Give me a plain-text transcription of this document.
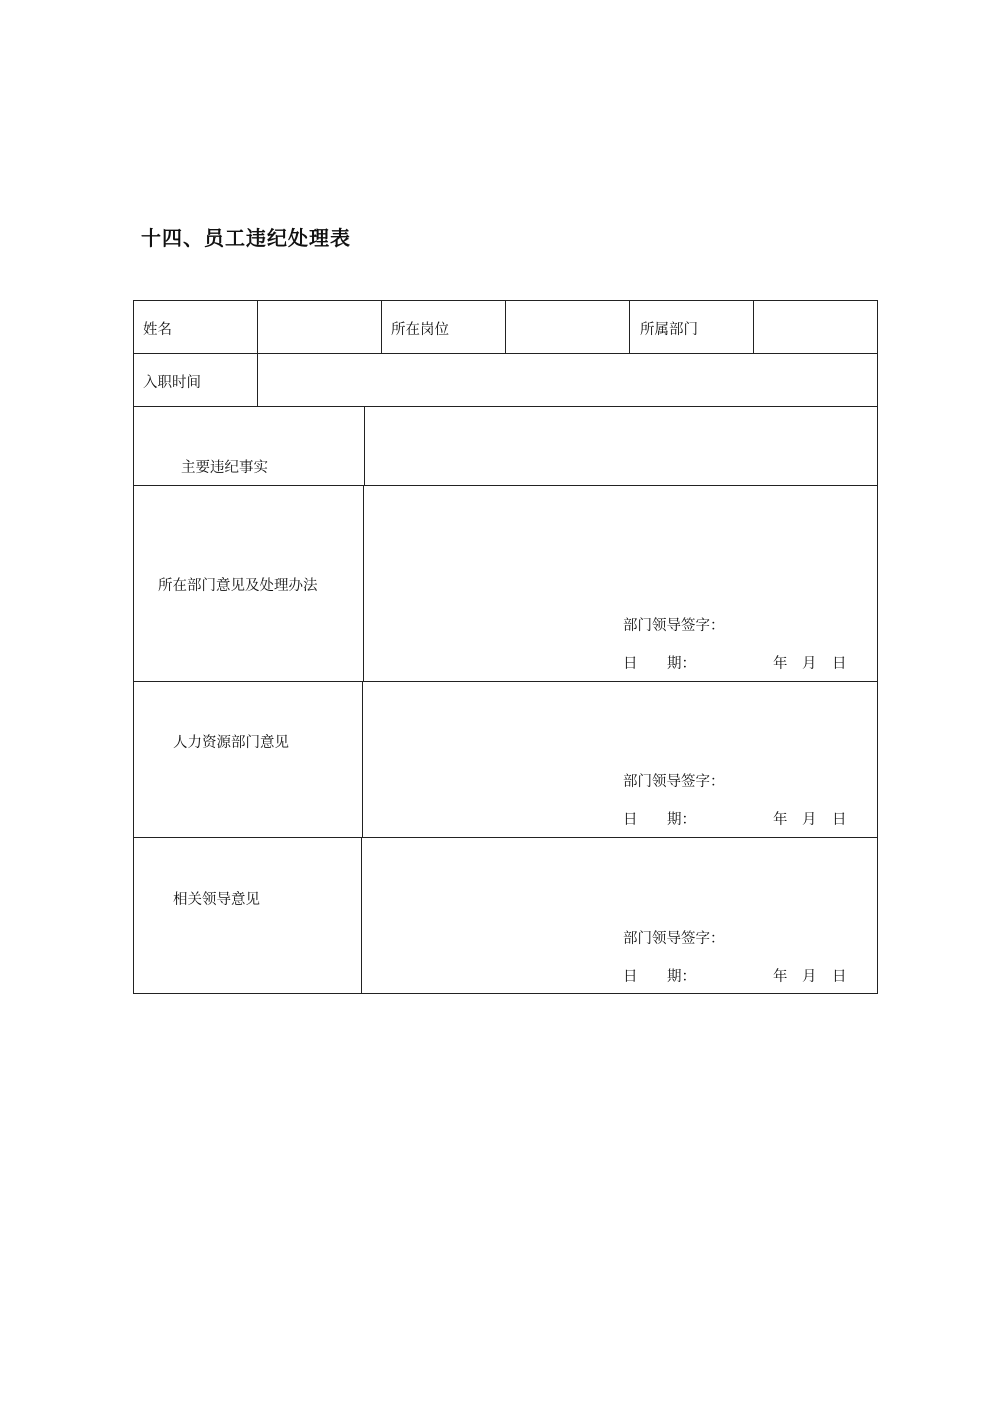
十四、员工违纪处理表
姓名	所在岗位	所属部门
入职时间
主要违纪事实
所在部门意见及处理办法
部门领导签字：
日 期：	年 月 日
人力资源部门意见
部门领导签字：
日 期：	年 月 日
相关领导意见
部门领导签字：
日 期：	年 月 日
